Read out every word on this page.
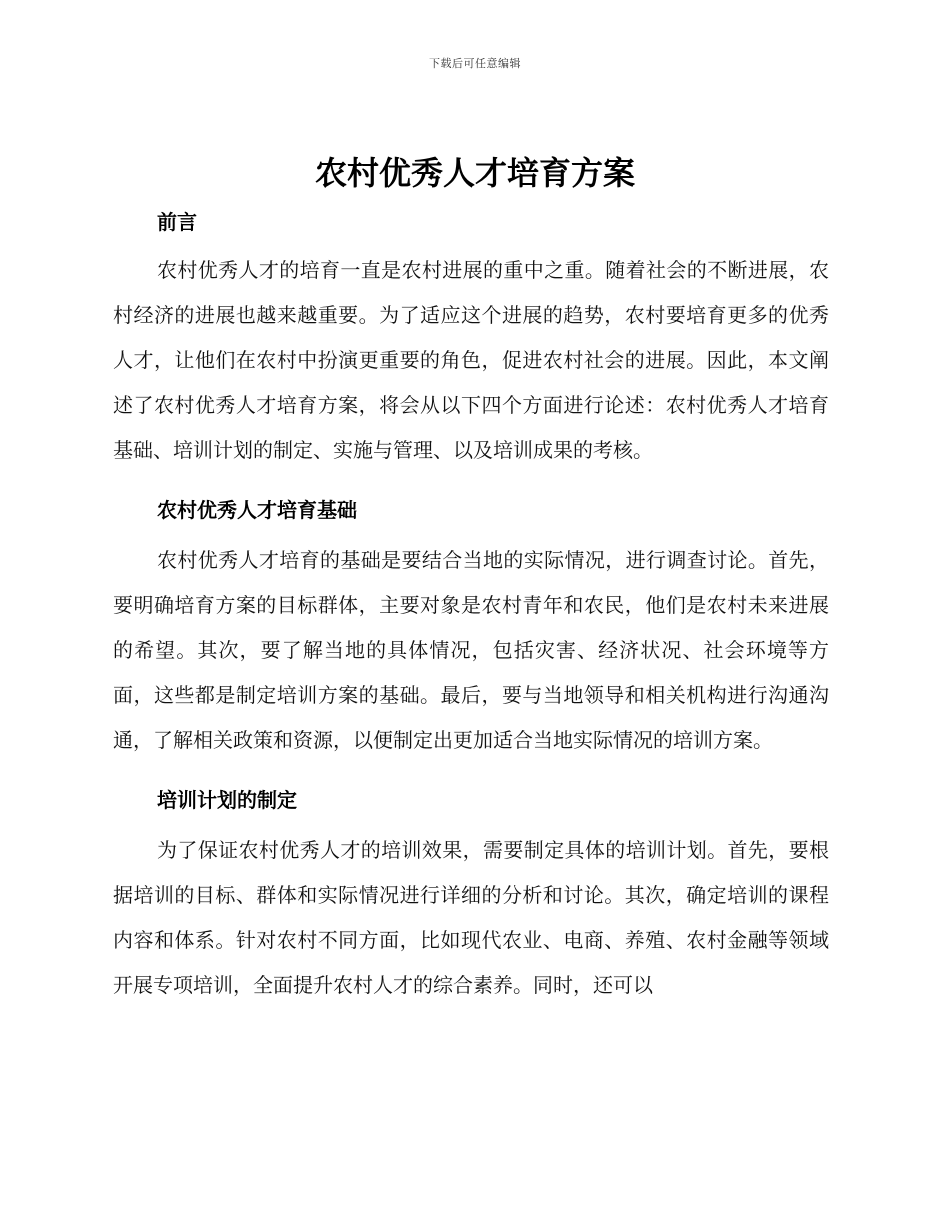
下载后可任意编辑
农村优秀人才培育方案
前言

农村优秀人才的培育一直是农村进展的重中之重。随着社会的不断进展，农村经济的进展也越来越重要。为了适应这个进展的趋势，农村要培育更多的优秀人才，让他们在农村中扮演更重要的角色，促进农村社会的进展。因此，本文阐述了农村优秀人才培育方案，将会从以下四个方面进行论述：农村优秀人才培育基础、培训计划的制定、实施与管理、以及培训成果的考核。

农村优秀人才培育基础

农村优秀人才培育的基础是要结合当地的实际情况，进行调查讨论。首先，要明确培育方案的目标群体，主要对象是农村青年和农民，他们是农村未来进展的希望。其次，要了解当地的具体情况，包括灾害、经济状况、社会环境等方面，这些都是制定培训方案的基础。最后，要与当地领导和相关机构进行沟通沟通，了解相关政策和资源，以便制定出更加适合当地实际情况的培训方案。

培训计划的制定

为了保证农村优秀人才的培训效果，需要制定具体的培训计划。首先，要根据培训的目标、群体和实际情况进行详细的分析和讨论。其次，确定培训的课程内容和体系。针对农村不同方面，比如现代农业、电商、养殖、农村金融等领域开展专项培训，全面提升农村人才的综合素养。同时，还可以
